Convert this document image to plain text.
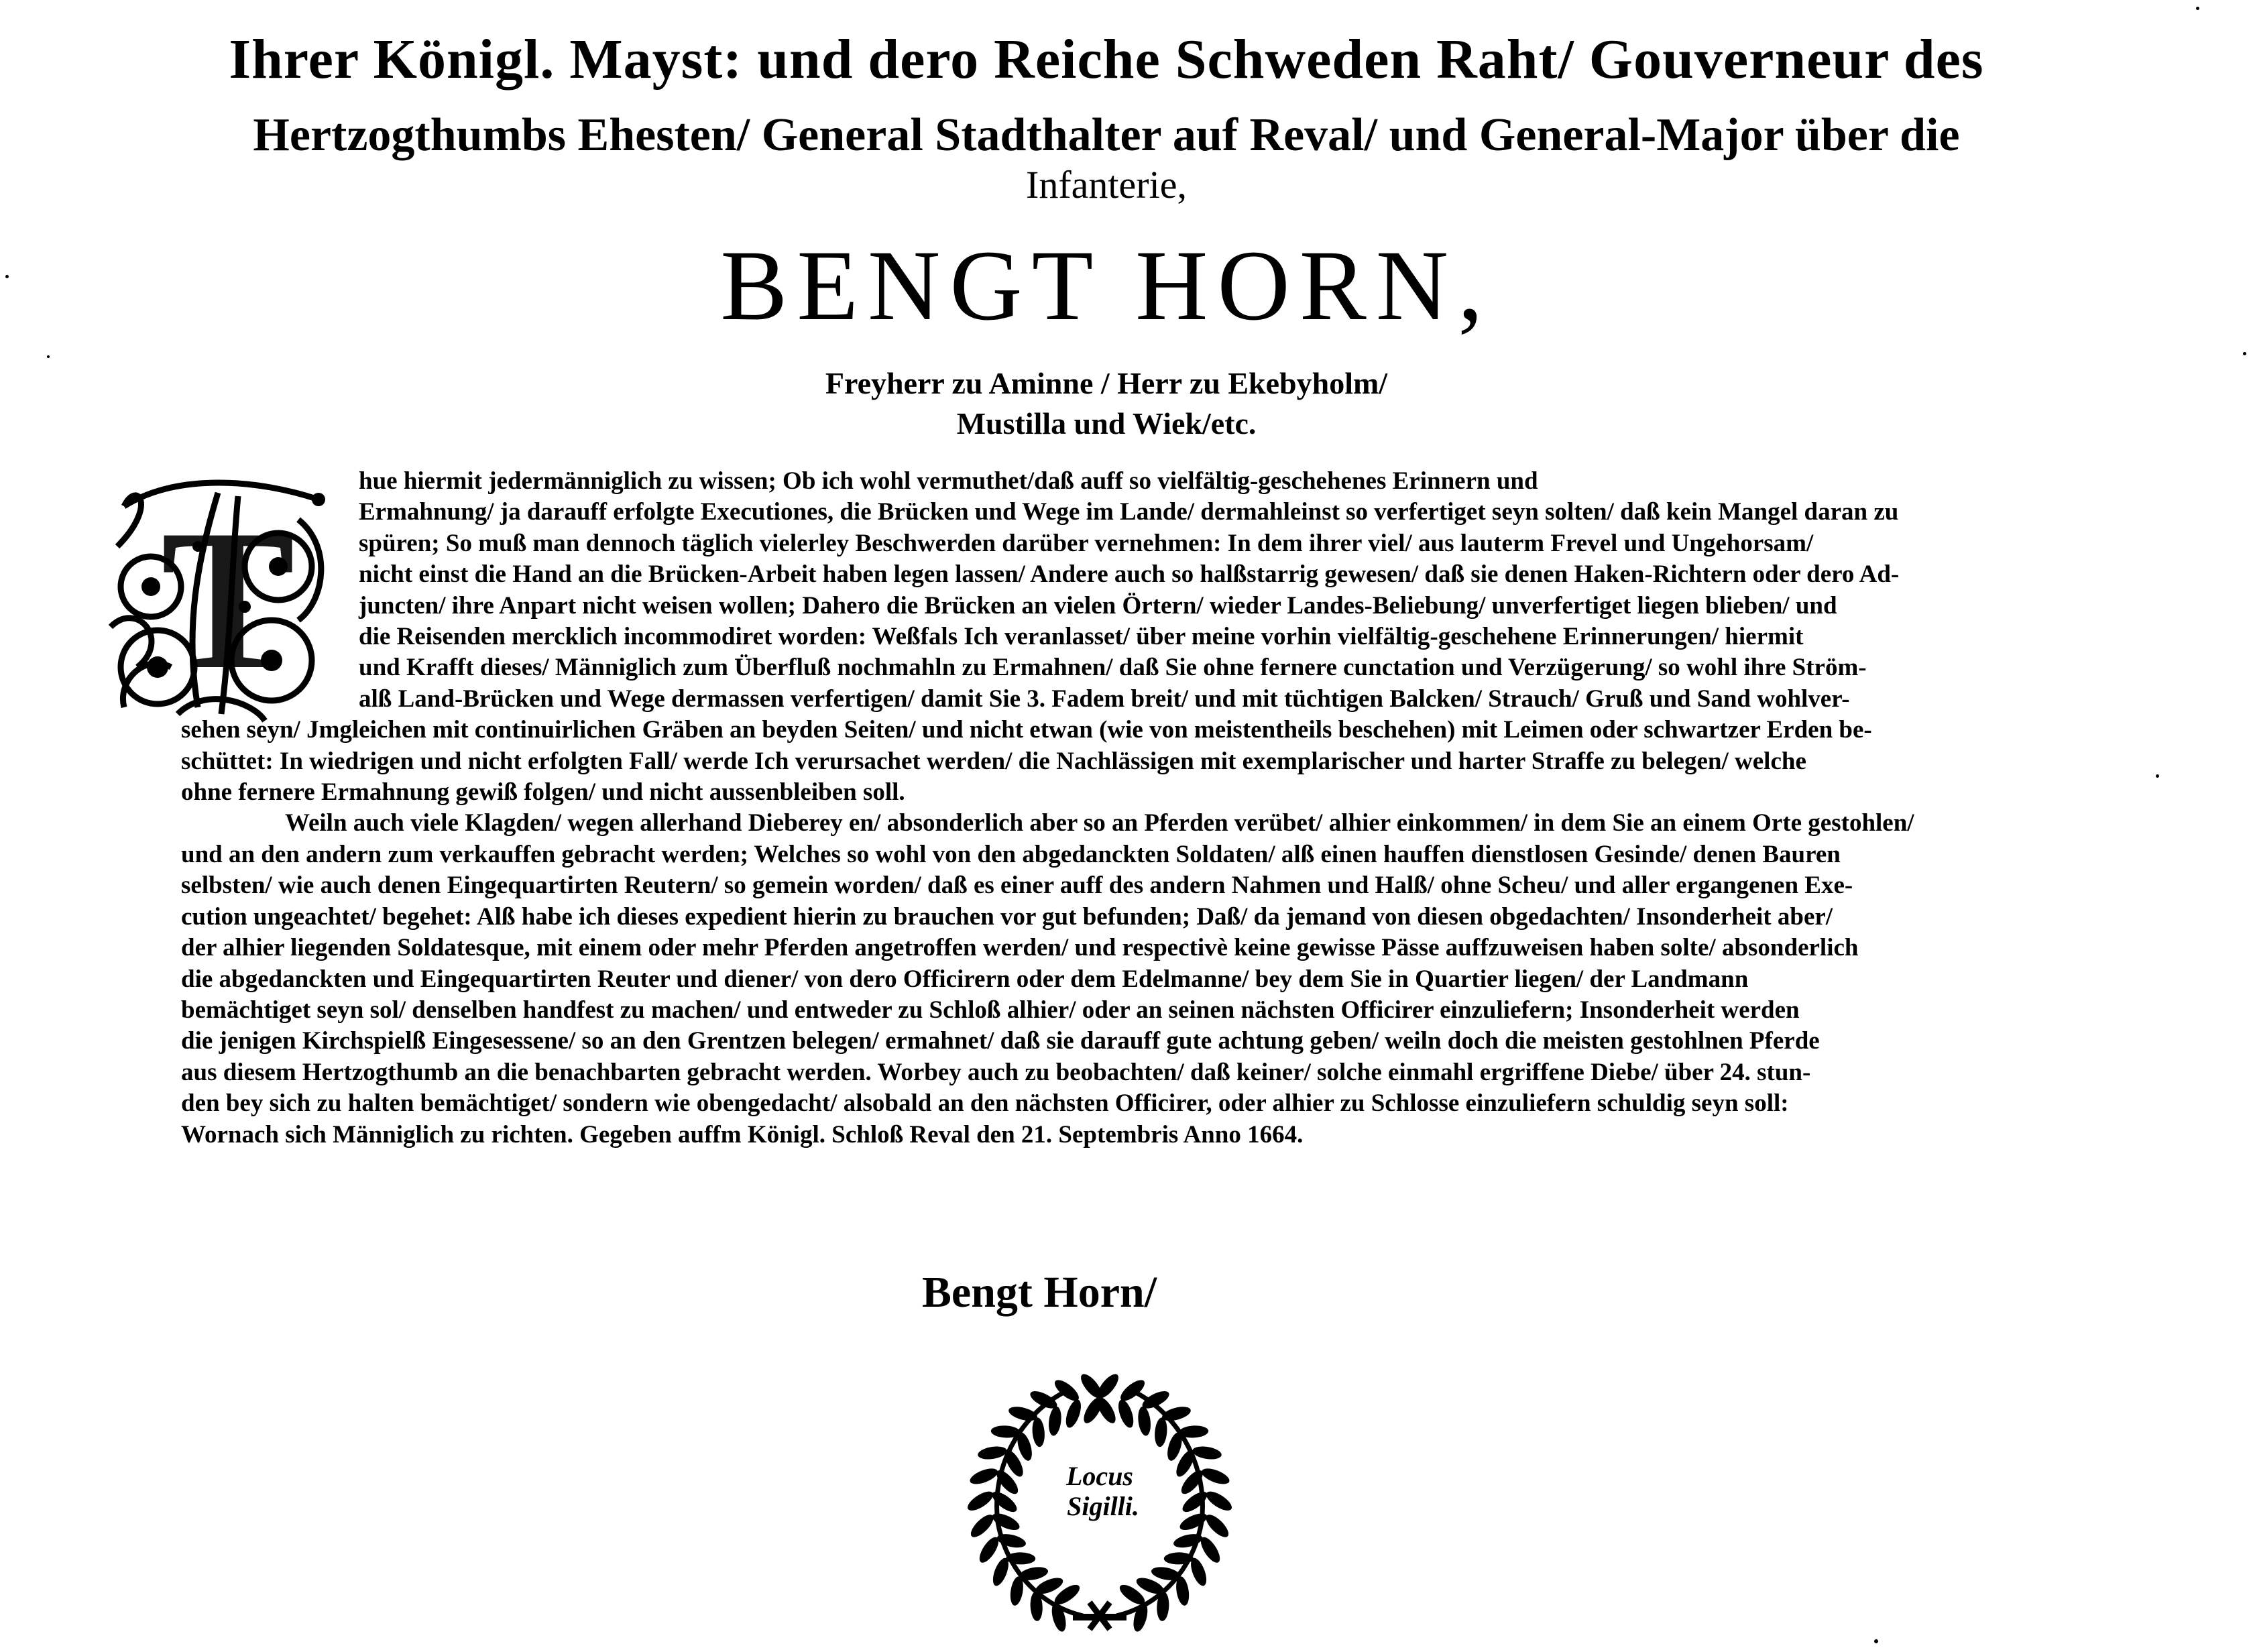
Ihrer Königl. Mayst: und dero Reiche Schweden Raht/ Gouverneur des
Hertzogthumbs Ehesten/ General Stadthalter auf Reval/ und General-Major über die
Infanterie,
BENGT HORN,
Freyherr zu Aminne / Herr zu Ekebyholm/
Mustilla und Wiek/etc.
T
hue hiermit jedermänniglich zu wissen; Ob ich wohl vermuthet/daß auff so vielfältig-geschehenes Erinnern und
Ermahnung/ ja darauff erfolgte Executiones, die Brücken und Wege im Lande/ dermahleinst so verfertiget seyn solten/ daß kein Mangel daran zu
spüren; So muß man dennoch täglich vielerley Beschwerden darüber vernehmen: In dem ihrer viel/ aus lauterm Frevel und Ungehorsam/
nicht einst die Hand an die Brücken-Arbeit haben legen lassen/ Andere auch so halßstarrig gewesen/ daß sie denen Haken-Richtern oder dero Ad-
juncten/ ihre Anpart nicht weisen wollen; Dahero die Brücken an vielen Örtern/ wieder Landes-Beliebung/ unverfertiget liegen blieben/ und
die Reisenden mercklich incommodiret worden: Weßfals Ich veranlasset/ über meine vorhin vielfältig-geschehene Erinnerungen/ hiermit
und Krafft dieses/ Männiglich zum Überfluß nochmahln zu Ermahnen/ daß Sie ohne fernere cunctation und Verzügerung/ so wohl ihre Ström-
alß Land-Brücken und Wege dermassen verfertigen/ damit Sie 3. Fadem breit/ und mit tüchtigen Balcken/ Strauch/ Gruß und Sand wohlver-
sehen seyn/ Jmgleichen mit continuirlichen Gräben an beyden Seiten/ und nicht etwan (wie von meistentheils beschehen) mit Leimen oder schwartzer Erden be-
schüttet: In wiedrigen und nicht erfolgten Fall/ werde Ich verursachet werden/ die Nachlässigen mit exemplarischer und harter Straffe zu belegen/ welche
ohne fernere Ermahnung gewiß folgen/ und nicht aussenbleiben soll.
Weiln auch viele Klagden/ wegen allerhand Dieberey en/ absonderlich aber so an Pferden verübet/ alhier einkommen/ in dem Sie an einem Orte gestohlen/
und an den andern zum verkauffen gebracht werden; Welches so wohl von den abgedanckten Soldaten/ alß einen hauffen dienstlosen Gesinde/ denen Bauren
selbsten/ wie auch denen Eingequartirten Reutern/ so gemein worden/ daß es einer auff des andern Nahmen und Halß/ ohne Scheu/ und aller ergangenen Exe-
cution ungeachtet/ begehet: Alß habe ich dieses expedient hierin zu brauchen vor gut befunden; Daß/ da jemand von diesen obgedachten/ Insonderheit aber/
der alhier liegenden Soldatesque, mit einem oder mehr Pferden angetroffen werden/ und respectivè keine gewisse Pässe auffzuweisen haben solte/ absonderlich
die abgedanckten und Eingequartirten Reuter und diener/ von dero Officirern oder dem Edelmanne/ bey dem Sie in Quartier liegen/ der Landmann
bemächtiget seyn sol/ denselben handfest zu machen/ und entweder zu Schloß alhier/ oder an seinen nächsten Officirer einzuliefern; Insonderheit werden
die jenigen Kirchspielß Eingesessene/ so an den Grentzen belegen/ ermahnet/ daß sie darauff gute achtung geben/ weiln doch die meisten gestohlnen Pferde
aus diesem Hertzogthumb an die benachbarten gebracht werden. Worbey auch zu beobachten/ daß keiner/ solche einmahl ergriffene Diebe/ über 24. stun-
den bey sich zu halten bemächtiget/ sondern wie obengedacht/ alsobald an den nächsten Officirer, oder alhier zu Schlosse einzuliefern schuldig seyn soll:
Wornach sich Männiglich zu richten. Gegeben auffm Königl. Schloß Reval den 21. Septembris Anno 1664.
Bengt Horn/
Locus
Sigilli.
